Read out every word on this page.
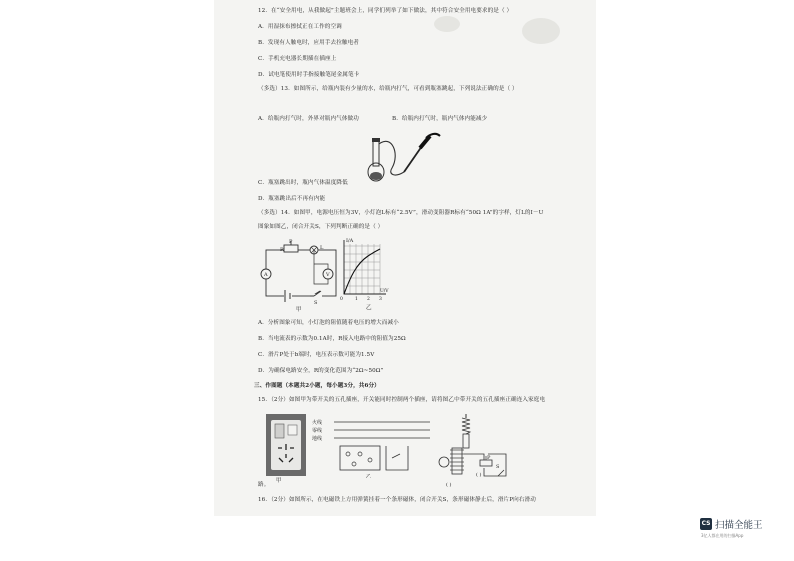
12．在“安全用电，从我做起”主题班会上，同学们列举了如下做法，其中符合安全用电要求的是（ ）
A．用湿抹布擦拭正在工作的空调
B．发现有人触电时，应用手去拉触电者
C．手机充电器长期插在插座上
D．试电笔使用时手指接触笔尾金属笔卡
（多选）13．如图所示，给瓶内装有少量的水，给瓶内打气，可看到瓶塞跳起，下列说法正确的是（ ）
A．给瓶内打气时，外界对瓶内气体做功	B．给瓶内打气时，瓶内气体内能减少
C．瓶塞跳出时，瓶内气体温度降低
D．瓶塞跳出后不再有内能
（多选）14．如图甲，电源电压恒为3V，小灯泡L标有“2.5V”，滑动变阻器R标有“50Ω 1A”的字样，灯L的I－U
图象如图乙，闭合开关S，下列判断正确的是（ ）
P
R	L
A	V
S
甲
I/A
U/V
0	1 2 3
乙
A．分析图象可知，小灯泡的阻值随着电压的增大而减小
B．当电流表的示数为0.1A时，R接入电路中的阻值为25Ω
C．滑片P处于b端时，电压表示数可能为1.5V
D．为确保电路安全，R的变化范围为“2Ω~50Ω”
三、作图题（本题共2小题，每小题3分，共6分）
15．（2分）如图甲为带开关的五孔插座，开关能同时控制两个插座，请将图乙中带开关的五孔插座正确连入家庭电
甲
火线
零线
地线
乙
( )
( )
P
S
路。
16．（2分）如图所示，在电磁铁上方用弹簧挂着一个条形磁体，闭合开关S，条形磁体静止后，滑片P向右滑动
CS 扫描全能王
3亿人都在用的扫描App
